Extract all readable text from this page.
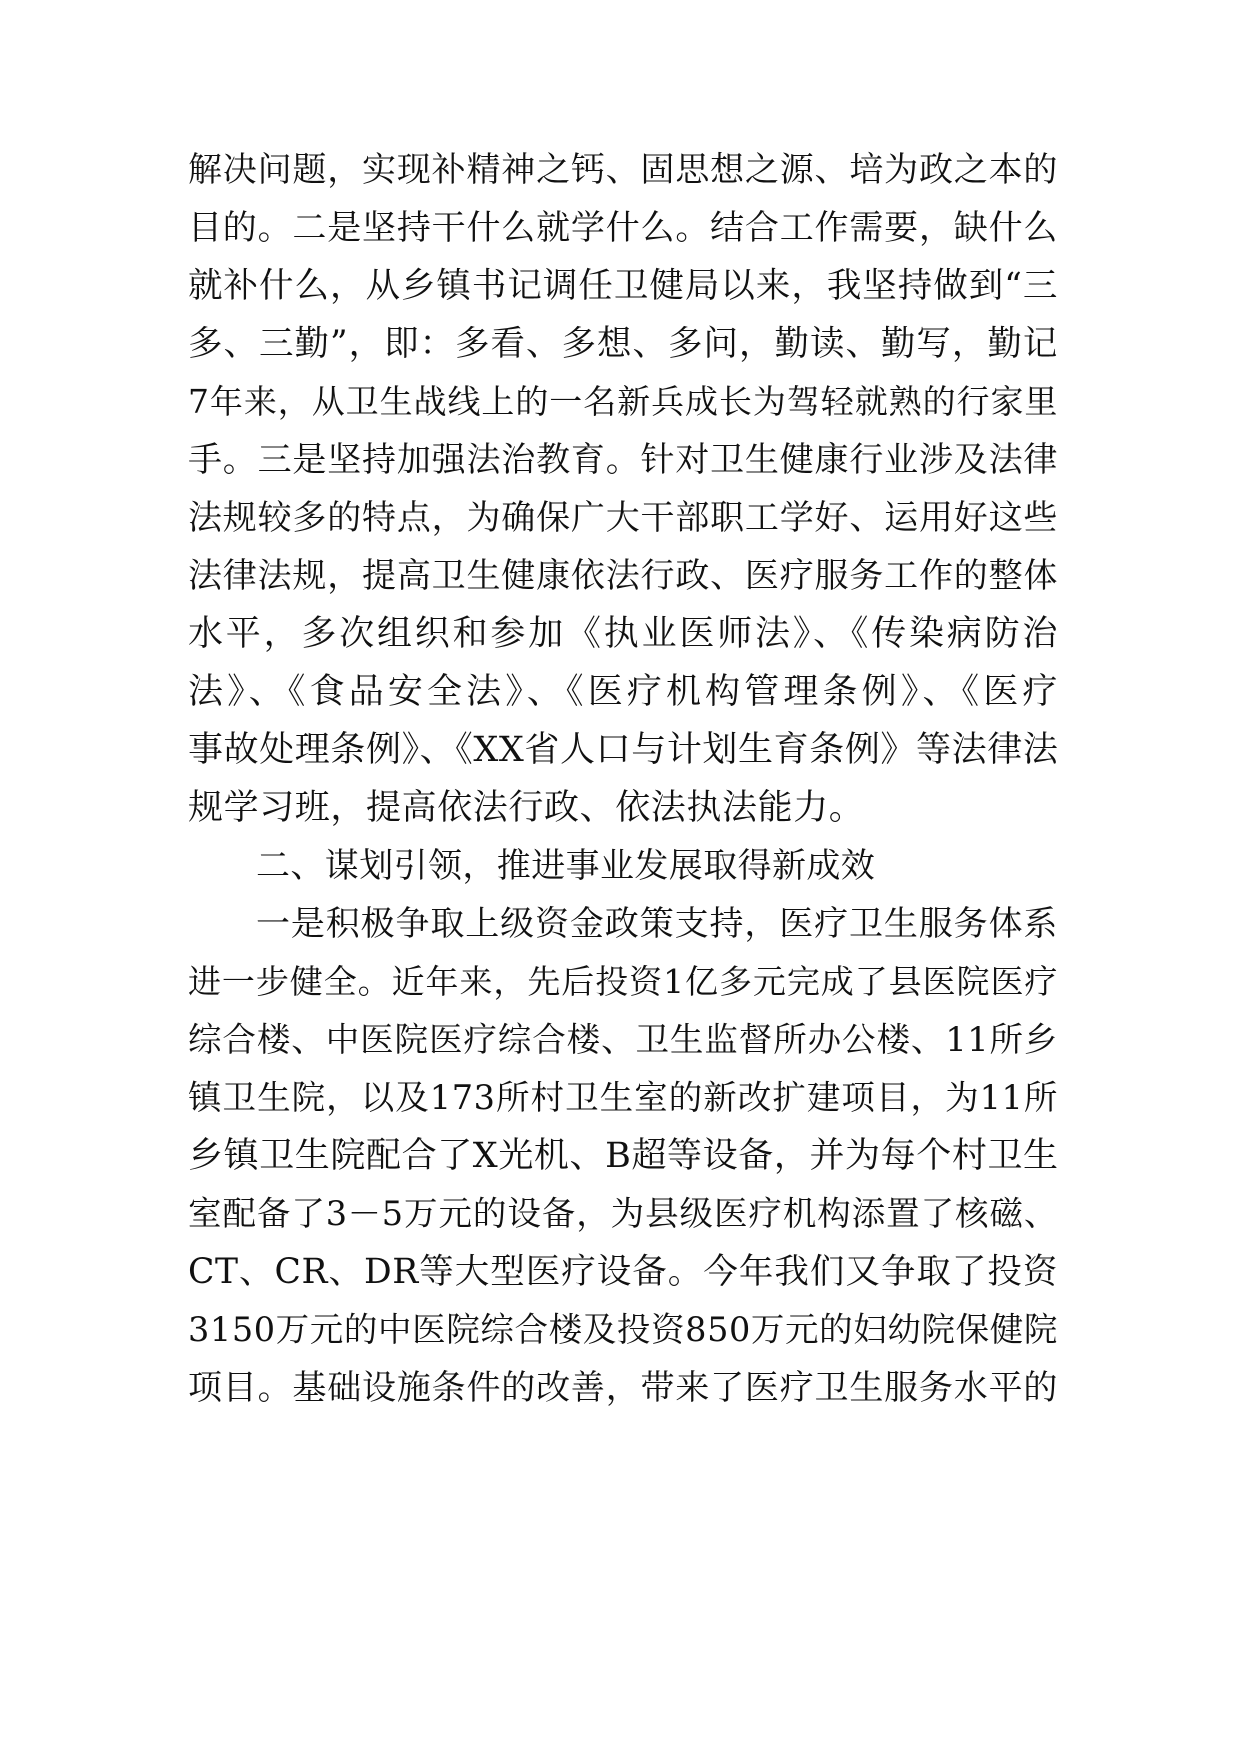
解决问题，实现补精神之钙、固思想之源、培为政之本的
目的。二是坚持干什么就学什么。结合工作需要，缺什么
就补什么，从乡镇书记调任卫健局以来，我坚持做到“三
多、三勤”，即：多看、多想、多问，勤读、勤写，勤记
7年来，从卫生战线上的一名新兵成长为驾轻就熟的行家里
手。三是坚持加强法治教育。针对卫生健康行业涉及法律
法规较多的特点，为确保广大干部职工学好、运用好这些
法律法规，提高卫生健康依法行政、医疗服务工作的整体
水平，多次组织和参加《执业医师法》、《传染病防治
法》、《食品安全法》、《医疗机构管理条例》、《医疗
事故处理条例》、《XX省人口与计划生育条例》等法律法
规学习班，提高依法行政、依法执法能力。
二、谋划引领，推进事业发展取得新成效
一是积极争取上级资金政策支持，医疗卫生服务体系
进一步健全。近年来，先后投资1亿多元完成了县医院医疗
综合楼、中医院医疗综合楼、卫生监督所办公楼、11所乡
镇卫生院，以及173所村卫生室的新改扩建项目，为11所
乡镇卫生院配合了X光机、B超等设备，并为每个村卫生
室配备了3－5万元的设备，为县级医疗机构添置了核磁、
CT、CR、DR等大型医疗设备。今年我们又争取了投资
3150万元的中医院综合楼及投资850万元的妇幼院保健院
项目。基础设施条件的改善，带来了医疗卫生服务水平的
